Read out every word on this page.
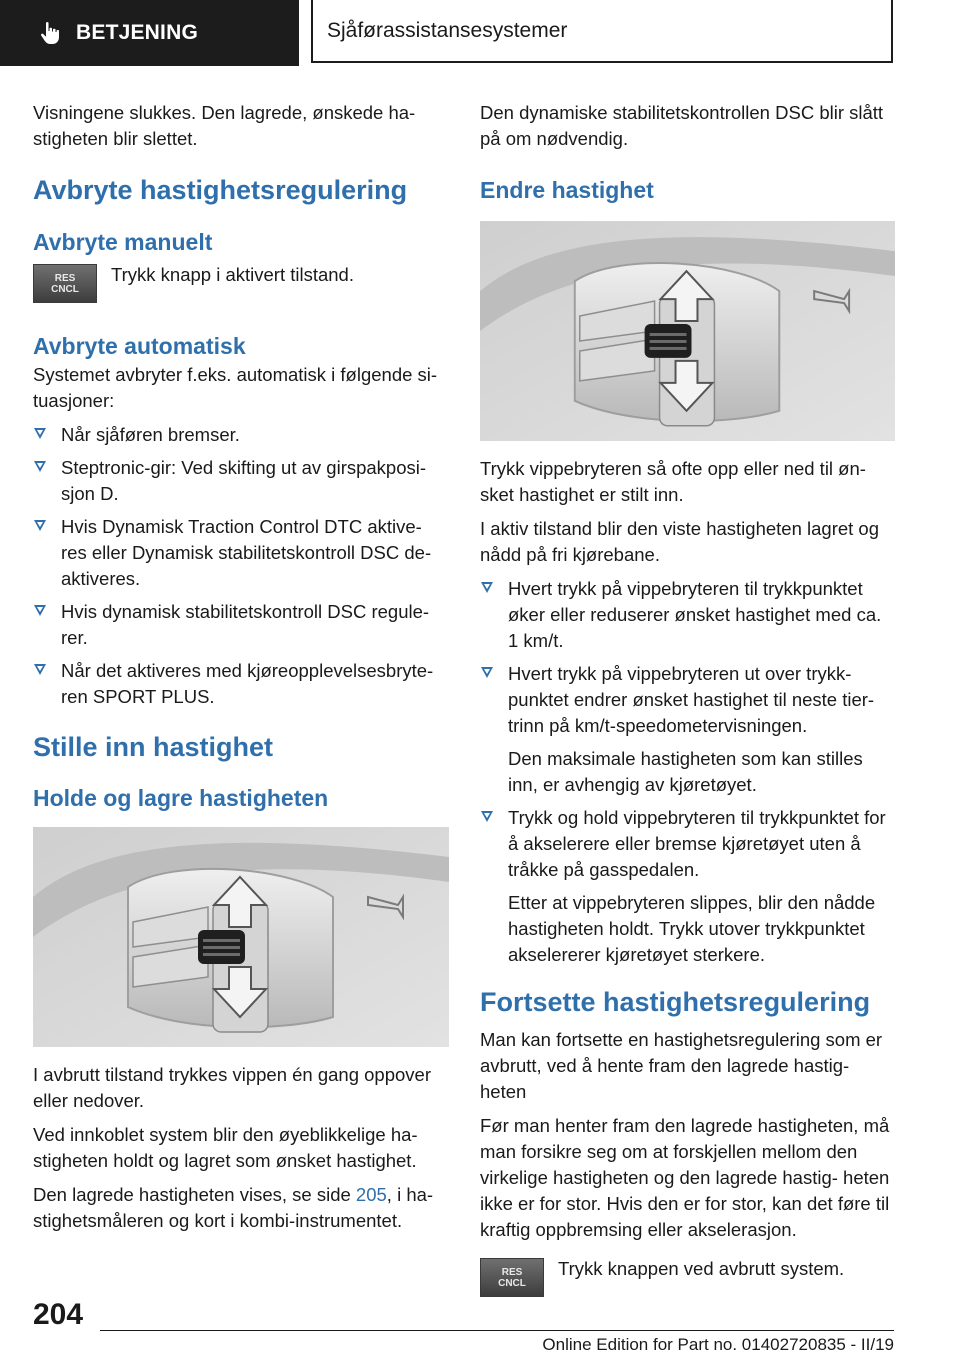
BETJENING	Sjåførassistansesystemer

Visningene slukkes. Den lagrede, ønskede ha‐ stigheten blir slettet.

Avbryte hastighetsregulering
Avbryte manuelt
RES
CNCL
Trykk knapp i aktivert tilstand.
Avbryte automatisk

Systemet avbryter f.eks. automatisk i følgende si‐ tuasjoner:

Når sjåføren bremser.
Steptronic-gir: Ved skifting ut av girspakposi‐ sjon D.
Hvis Dynamisk Traction Control DTC aktive‐ res eller Dynamisk stabilitetskontroll DSC de‐ aktiveres.
Hvis dynamisk stabilitetskontroll DSC regule‐ rer.
Når det aktiveres med kjøreopplevelsesbryte‐ ren SPORT PLUS.
Stille inn hastighet
Holde og lagre hastigheten

I avbrutt tilstand trykkes vippen én gang oppover eller nedover.

Ved innkoblet system blir den øyeblikkelige ha‐ stigheten holdt og lagret som ønsket hastighet.

Den lagrede hastigheten vises, se side 205, i ha‐ stighetsmåleren og kort i kombi-instrumentet.

Den dynamiske stabilitetskontrollen DSC blir slått på om nødvendig.

Endre hastighet

Trykk vippebryteren så ofte opp eller ned til øn‐ sket hastighet er stilt inn.

I aktiv tilstand blir den viste hastigheten lagret og nådd på fri kjørebane.

Hvert trykk på vippebryteren til trykkpunktet øker eller reduserer ønsket hastighet med ca. 1 km/t.
Hvert trykk på vippebryteren ut over trykk‐ punktet endrer ønsket hastighet til neste tier‐ trinn på km/t-speedometervisningen.
Den maksimale hastigheten som kan stilles inn, er avhengig av kjøretøyet.
Trykk og hold vippebryteren til trykkpunktet for å akselerere eller bremse kjøretøyet uten å tråkke på gasspedalen.
Etter at vippebryteren slippes, blir den nådde hastigheten holdt. Trykk utover trykkpunktet akselererer kjøretøyet sterkere.
Fortsette hastighetsregulering

Man kan fortsette en hastighetsregulering som er avbrutt, ved å hente fram den lagrede hastig‐ heten

Før man henter fram den lagrede hastigheten, må man forsikre seg om at forskjellen mellom den virkelige hastigheten og den lagrede hastig‐ heten ikke er for stor. Hvis den er for stor, kan det føre til kraftig oppbremsing eller akselerasjon.

RES
CNCL
Trykk knappen ved avbrutt system.
204
Online Edition for Part no. 01402720835 - II/19
